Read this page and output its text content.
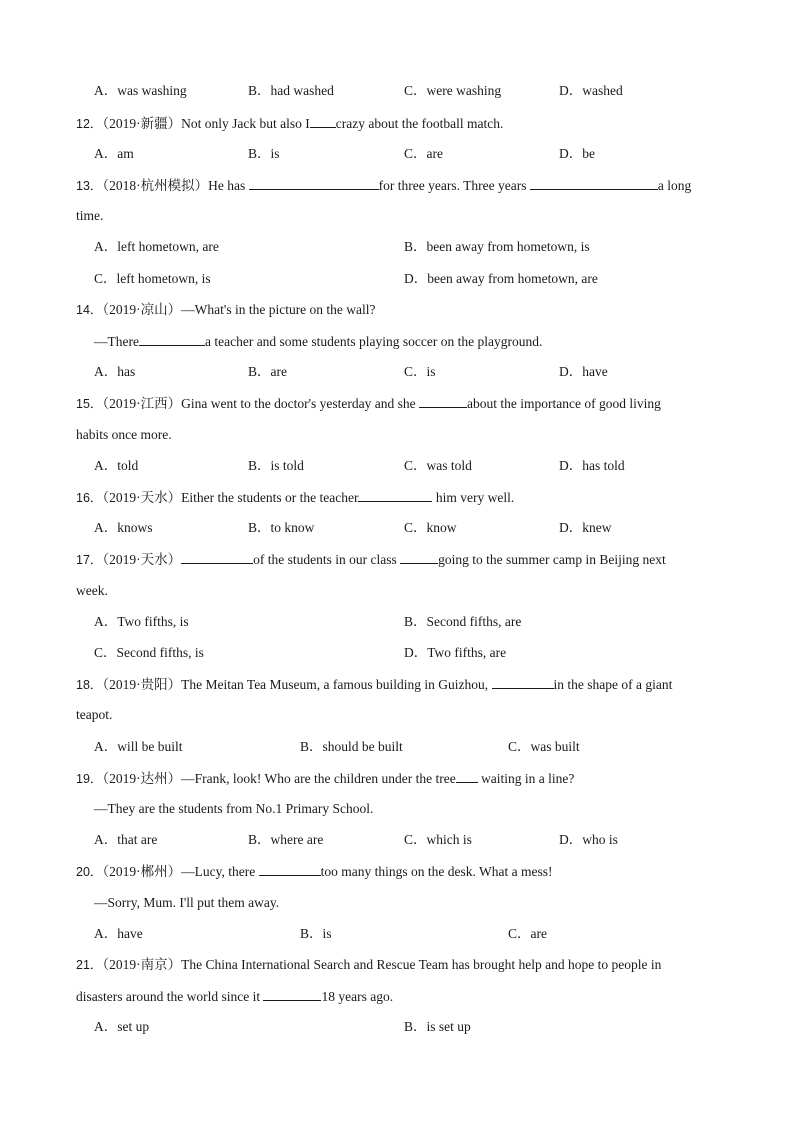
A．was washing	B．had washed	C．were washing	D．washed
12．（2019·新疆）Not only Jack but also I crazy about the football match.
A．am	B．is	C．are	D．be
13．（2018·杭州模拟）He has	for three years. Three years	a long
time.
A．left hometown, are	B．been away from hometown, is
C．left hometown, is	D．been away from hometown, are
14．（2019·凉山）—What's in the picture on the wall?
—There	a teacher and some students playing soccer on the playground.
A．has	B．are	C．is	D．have
15．（2019·江西）Gina went to the doctor's yesterday and she	about the importance of good living
habits once more.
A．told	B．is told	C．was told	D．has told
16．（2019·天水）Either the students or the teacher	him very well.
A．knows	B．to know	C．know	D．knew
17．（2019·天水）	of the students in our class	going to the summer camp in Beijing next
week.
A．Two fifths, is	B．Second fifths, are
C．Second fifths, is	D．Two fifths, are
18．（2019·贵阳）The Meitan Tea Museum, a famous building in Guizhou,	in the shape of a giant
teapot.
A．will be built	B．should be built	C．was built
19．（2019·达州）—Frank, look! Who are the children under the tree waiting in a line?
—They are the students from No.1 Primary School.
A．that are	B．where are	C．which is	D．who is
20．（2019·郴州）—Lucy, there	too many things on the desk. What a mess!
—Sorry, Mum. I'll put them away.
A．have	B．is	C．are
21．（2019·南京）The China International Search and Rescue Team has brought help and hope to people in
disasters around the world since it	18 years ago.
A．set up	B．is set up
